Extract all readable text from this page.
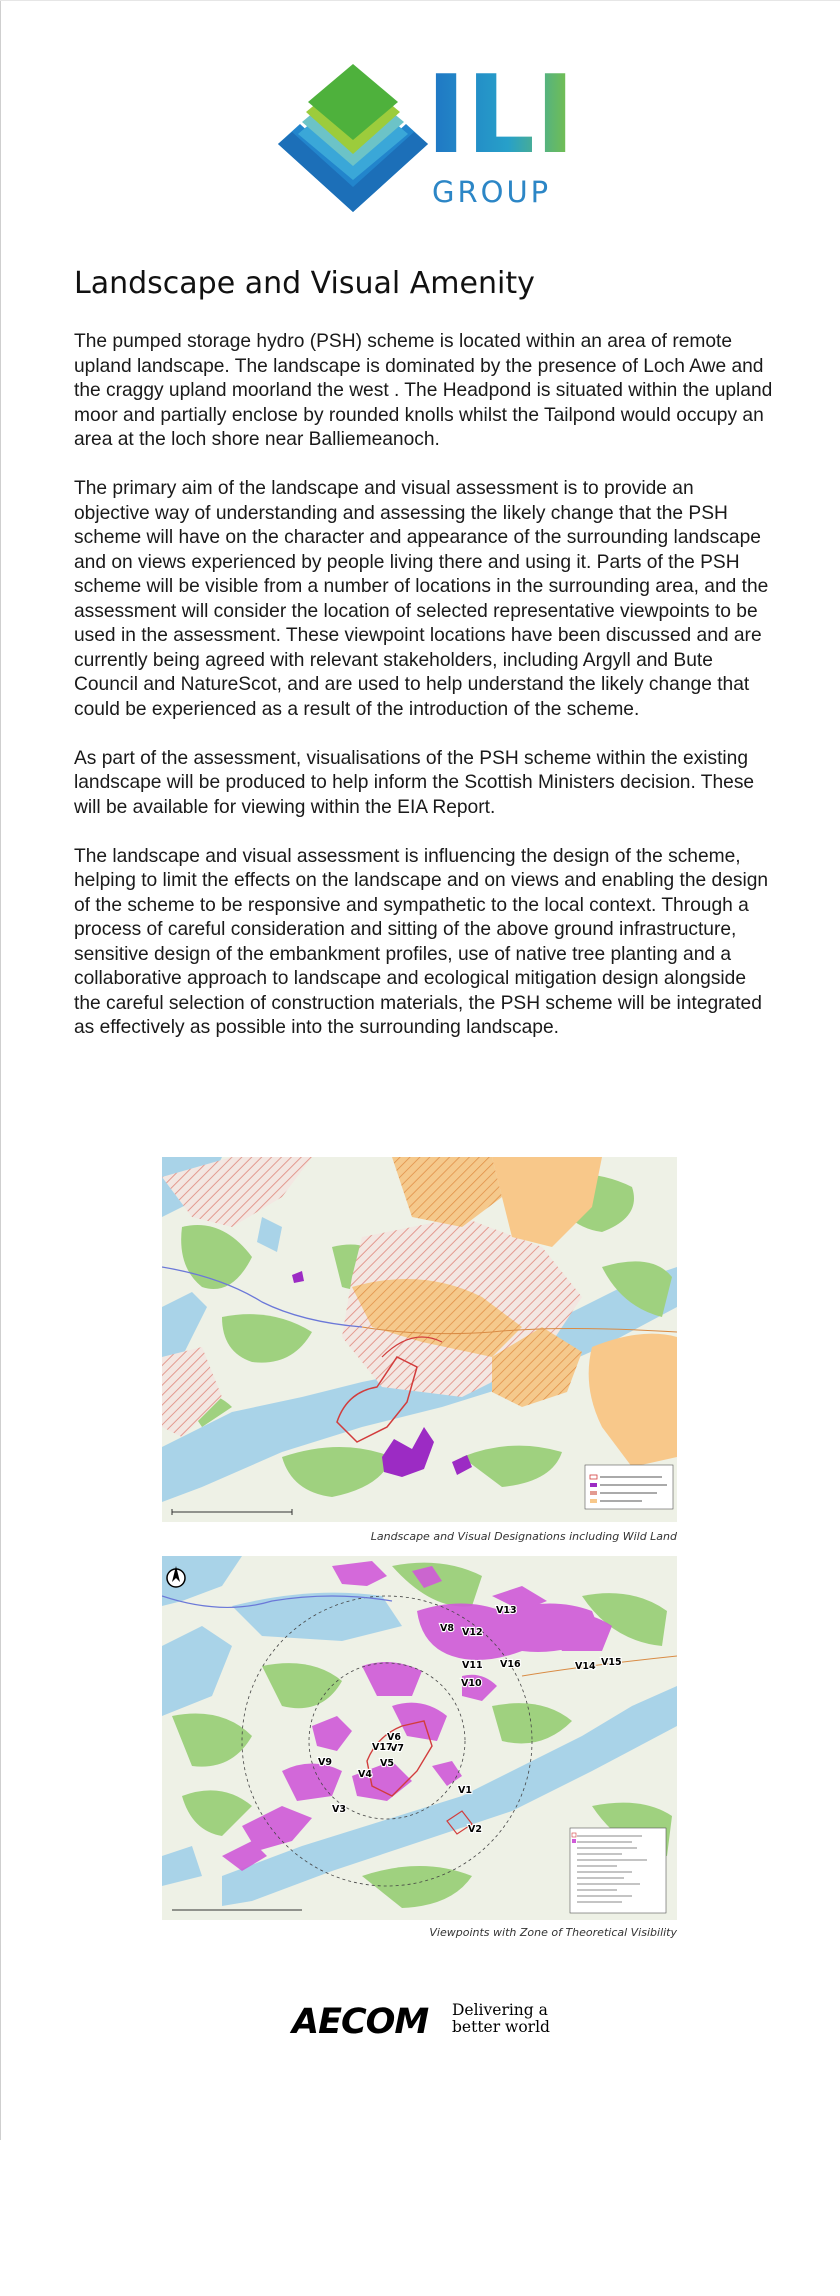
ILI
GROUP
Landscape and Visual Amenity

The pumped storage hydro (PSH) scheme is located within an area of remote upland landscape. The landscape is dominated by the presence of Loch Awe and the craggy upland moorland the west . The Headpond is situated within the upland moor and partially enclose by rounded knolls whilst the Tailpond would occupy an area at the loch shore near Balliemeanoch.

The primary aim of the landscape and visual assessment is to provide an objective way of understanding and assessing the likely change that the PSH scheme will have on the character and appearance of the surrounding landscape and on views experienced by people living there and using it. Parts of the PSH scheme will be visible from a number of locations in the surrounding area, and the assessment will consider the location of selected representative viewpoints to be used in the assessment. These viewpoint locations have been discussed and are currently being agreed with relevant stakeholders, including Argyll and Bute Council and NatureScot, and are used to help understand the likely change that could be experienced as a result of the introduction of the scheme.

As part of the assessment, visualisations of the PSH scheme within the existing landscape will be produced to help inform the Scottish Ministers decision. These will be available for viewing within the EIA Report.

The landscape and visual assessment is influencing the design of the scheme, helping to limit the effects on the landscape and on views and enabling the design of the scheme to be responsive and sympathetic to the local context. Through a process of careful consideration and sitting of the above ground infrastructure, sensitive design of the embankment profiles, use of native tree planting and a collaborative approach to landscape and ecological mitigation design alongside the careful selection of construction materials, the PSH scheme will be integrated as effectively as possible into the surrounding landscape.

Landscape and Visual Designations including Wild Land
V1
V2
V3
V4
V5
V6
V7
V8
V9
V10
V11
V12
V13
V14 V15
V16
V17
Viewpoints with Zone of Theoretical Visibility
AECOM Delivering a
better world
